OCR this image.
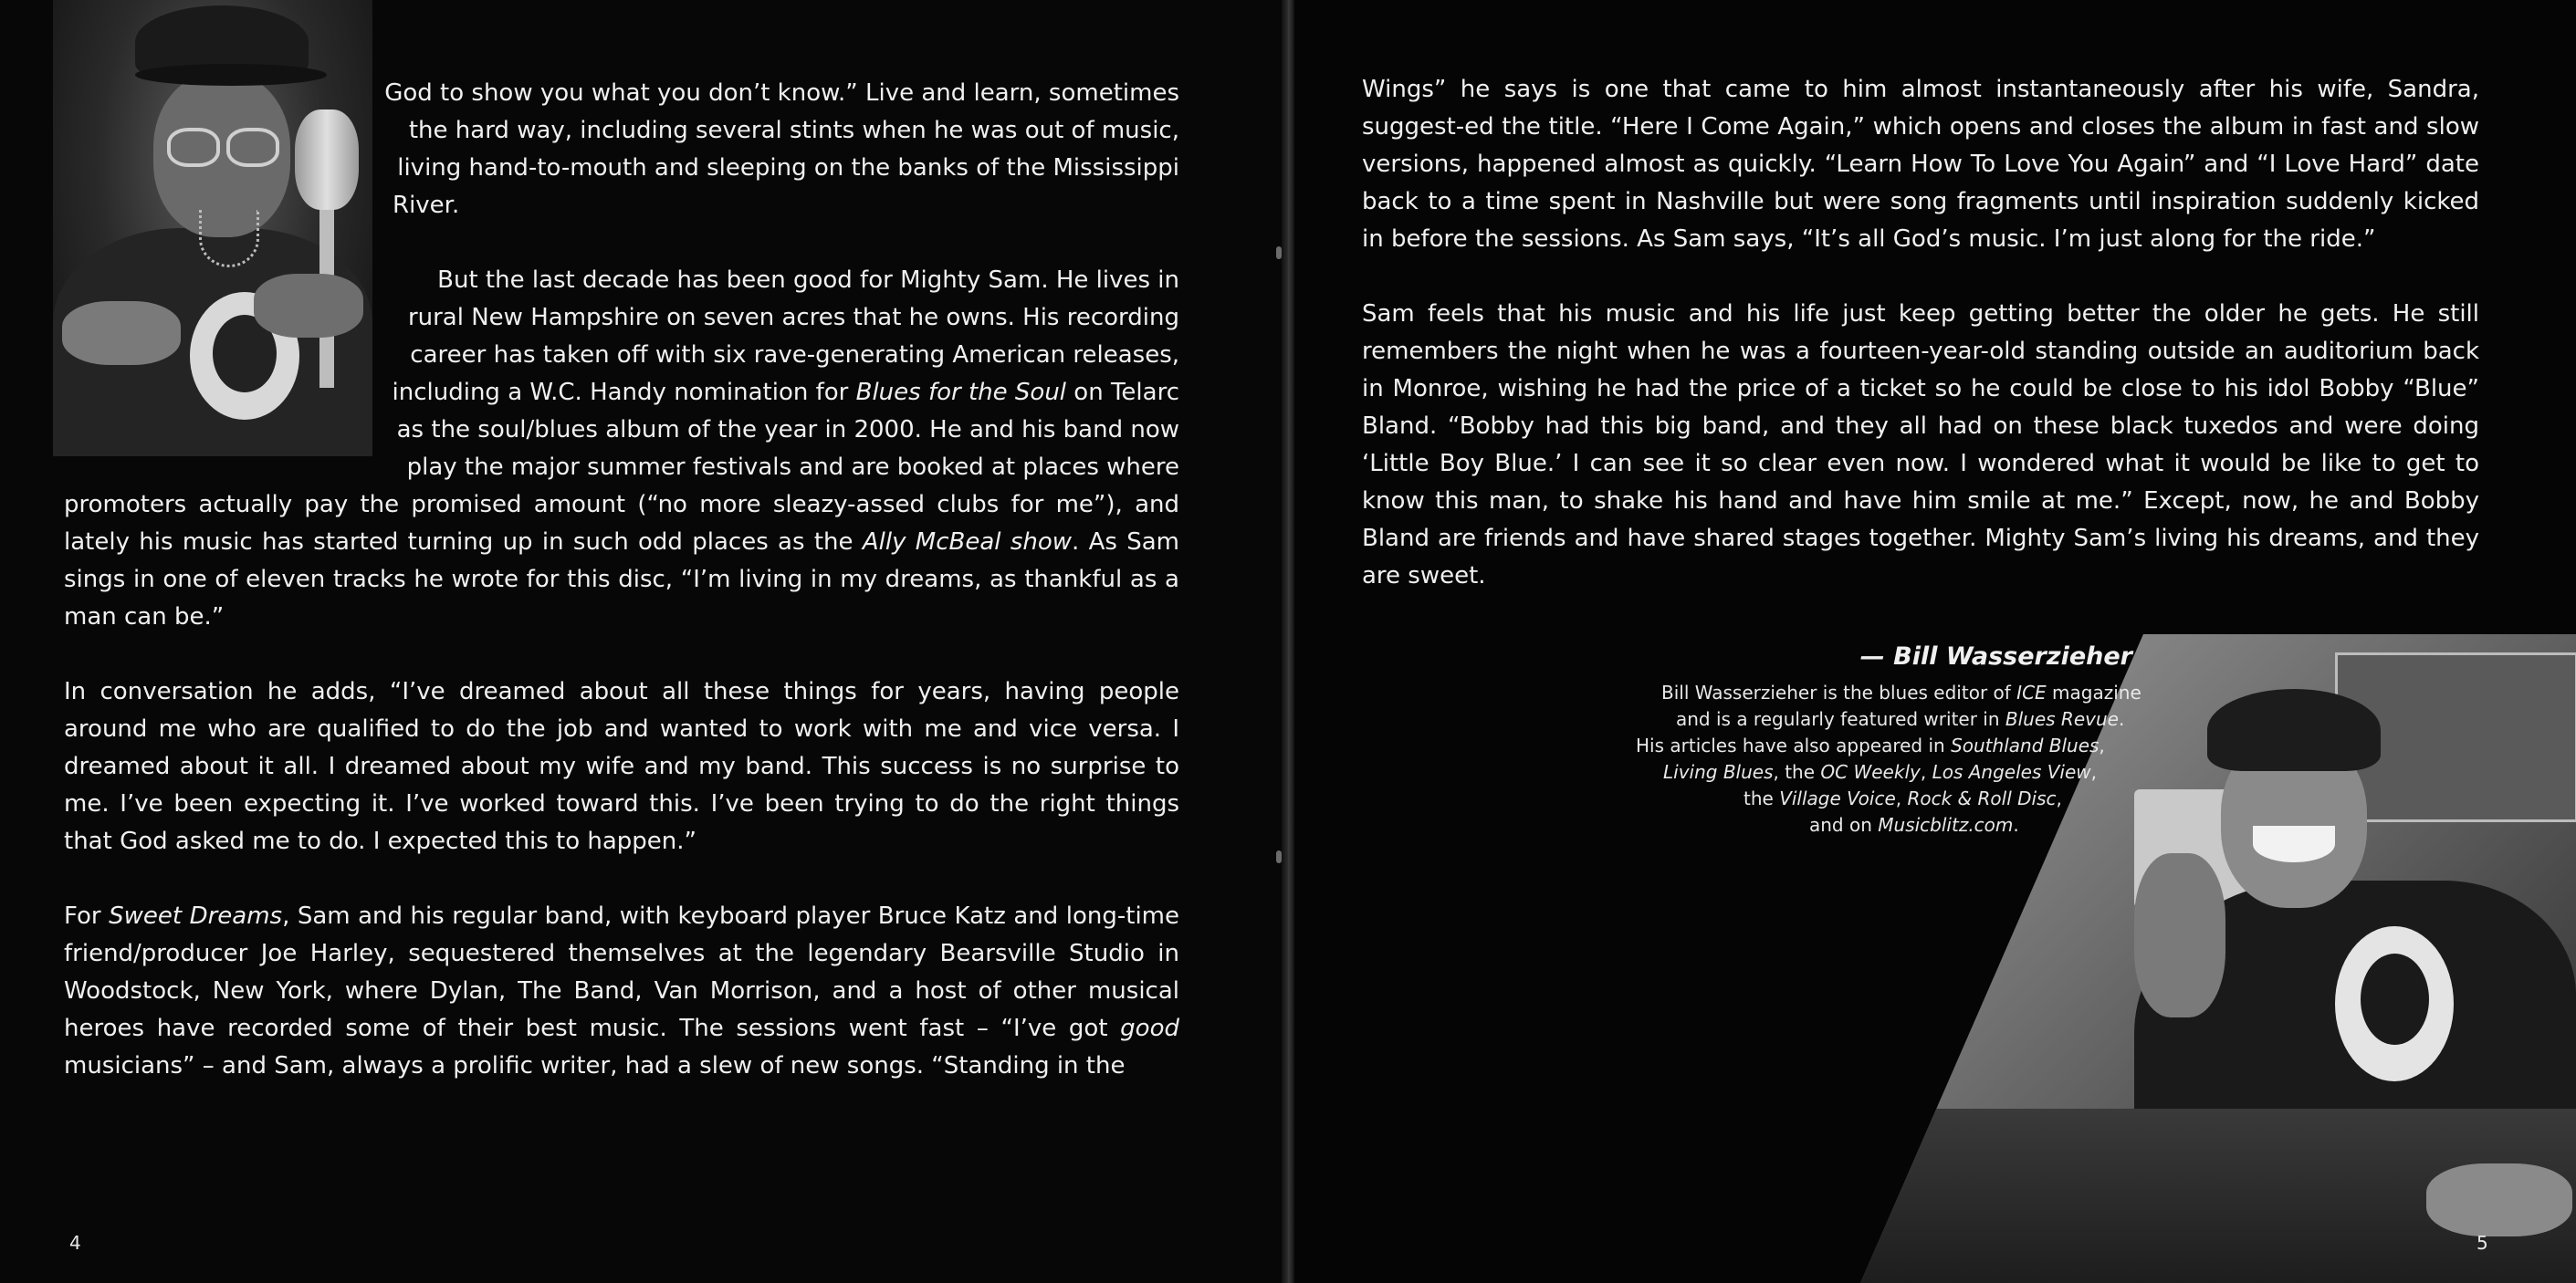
God to show you what you don’t know.” Live and learn, sometimes
the hard way, including several stints when he was out of music,
living hand-to-mouth and sleeping on the banks of the Mississippi
River.

But the last decade has been good for Mighty Sam. He lives in
rural New Hampshire on seven acres that he owns. His recording
career has taken off with six rave-generating American releases,
including a W.C. Handy nomination for Blues for the Soul on Telarc
as the soul/blues album of the year in 2000. He and his band now
play the major summer festivals and are booked at places where

promoters actually pay the promised amount (“no more sleazy-assed clubs for me”), and lately his music has started turning up in such odd places as the Ally McBeal show. As Sam sings in one of eleven tracks he wrote for this disc, “I’m living in my dreams, as thankful as a man can be.”

In conversation he adds, “I’ve dreamed about all these things for years, having people around me who are qualified to do the job and wanted to work with me and vice versa. I dreamed about it all. I dreamed about my wife and my band. This success is no surprise to me. I’ve been expecting it. I’ve worked toward this. I’ve been trying to do the right things that God asked me to do. I expected this to happen.”

For Sweet Dreams, Sam and his regular band, with keyboard player Bruce Katz and long-time friend/producer Joe Harley, sequestered themselves at the legendary Bearsville Studio in Woodstock, New York, where Dylan, The Band, Van Morrison, and a host of other musical heroes have recorded some of their best music. The sessions went fast – “I’ve got good musicians” – and Sam, always a prolific writer, had a slew of new songs. “Standing in the

4

Wings” he says is one that came to him almost instantaneously after his wife, Sandra, suggest-ed the title. “Here I Come Again,” which opens and closes the album in fast and slow versions, happened almost as quickly. “Learn How To Love You Again” and “I Love Hard” date back to a time spent in Nashville but were song fragments until inspiration suddenly kicked in before the sessions. As Sam says, “It’s all God’s music. I’m just along for the ride.”

Sam feels that his music and his life just keep getting better the older he gets. He still remembers the night when he was a fourteen-year-old standing outside an auditorium back in Monroe, wishing he had the price of a ticket so he could be close to his idol Bobby “Blue” Bland. “Bobby had this big band, and they all had on these black tuxedos and were doing ‘Little Boy Blue.’ I can see it so clear even now. I wondered what it would be like to get to know this man, to shake his hand and have him smile at me.” Except, now, he and Bobby Bland are friends and have shared stages together. Mighty Sam’s living his dreams, and they are sweet.

5
— Bill Wasserzieher
Bill Wasserzieher is the blues editor of ICE magazine
and is a regularly featured writer in Blues Revue.
His articles have also appeared in Southland Blues,
Living Blues, the OC Weekly, Los Angeles View,
the Village Voice, Rock & Roll Disc,
and on Musicblitz.com.
